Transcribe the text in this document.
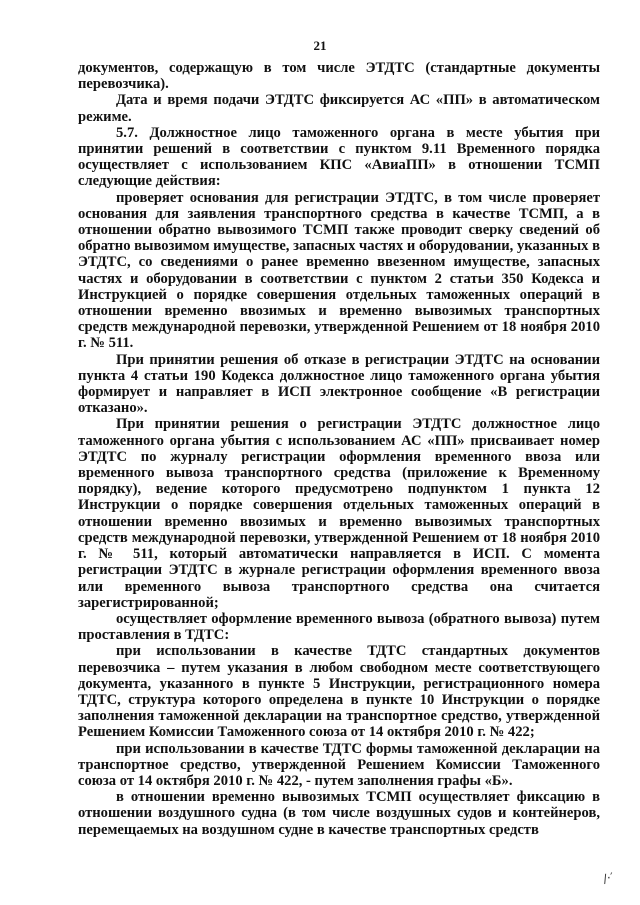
21

документов, содержащую в том числе ЭТДТС (стандартные документы перевозчика).

Дата и время подачи ЭТДТС фиксируется АС «ПП» в автоматическом режиме.

5.7. Должностное лицо таможенного органа в месте убытия при принятии решений в соответствии с пунктом 9.11 Временного порядка осуществляет с использованием КПС «АвиаПП» в отношении ТСМП следующие действия:

проверяет основания для регистрации ЭТДТС, в том числе проверяет основания для заявления транспортного средства в качестве ТСМП, а в отношении обратно вывозимого ТСМП также проводит сверку сведений об обратно вывозимом имуществе, запасных частях и оборудовании, указанных в ЭТДТС, со сведениями о ранее временно ввезенном имуществе, запасных частях и оборудовании в соответствии с пунктом 2 статьи 350 Кодекса и Инструкцией о порядке совершения отдельных таможенных операций в отношении временно ввозимых и временно вывозимых транспортных средств международной перевозки, утвержденной Решением от 18 ноября 2010 г. № 511.

При принятии решения об отказе в регистрации ЭТДТС на основании пункта 4 статьи 190 Кодекса должностное лицо таможенного органа убытия формирует и направляет в ИСП электронное сообщение «В регистрации отказано».

При принятии решения о регистрации ЭТДТС должностное лицо таможенного органа убытия с использованием АС «ПП» присваивает номер ЭТДТС по журналу регистрации оформления временного ввоза или временного вывоза транспортного средства (приложение к Временному порядку), ведение которого предусмотрено подпунктом 1 пункта 12 Инструкции о порядке совершения отдельных таможенных операций в отношении временно ввозимых и временно вывозимых транспортных средств международной перевозки, утвержденной Решением от 18 ноября 2010 г. № 511, который автоматически направляется в ИСП. С момента регистрации ЭТДТС в журнале регистрации оформления временного ввоза или временного вывоза транспортного средства она считается зарегистрированной;

осуществляет оформление временного вывоза (обратного вывоза) путем проставления в ТДТС:

при использовании в качестве ТДТС стандартных документов перевозчика – путем указания в любом свободном месте соответствующего документа, указанного в пункте 5 Инструкции, регистрационного номера ТДТС, структура которого определена в пункте 10 Инструкции о порядке заполнения таможенной декларации на транспортное средство, утвержденной Решением Комиссии Таможенного союза от 14 октября 2010 г. № 422;

при использовании в качестве ТДТС формы таможенной декларации на транспортное средство, утвержденной Решением Комиссии Таможенного союза от 14 октября 2010 г. № 422, - путем заполнения графы «Б».

в отношении временно вывозимых ТСМП осуществляет фиксацию в отношении воздушного судна (в том числе воздушных судов и контейнеров, перемещаемых на воздушном судне в качестве транспортных средств

∕·′
